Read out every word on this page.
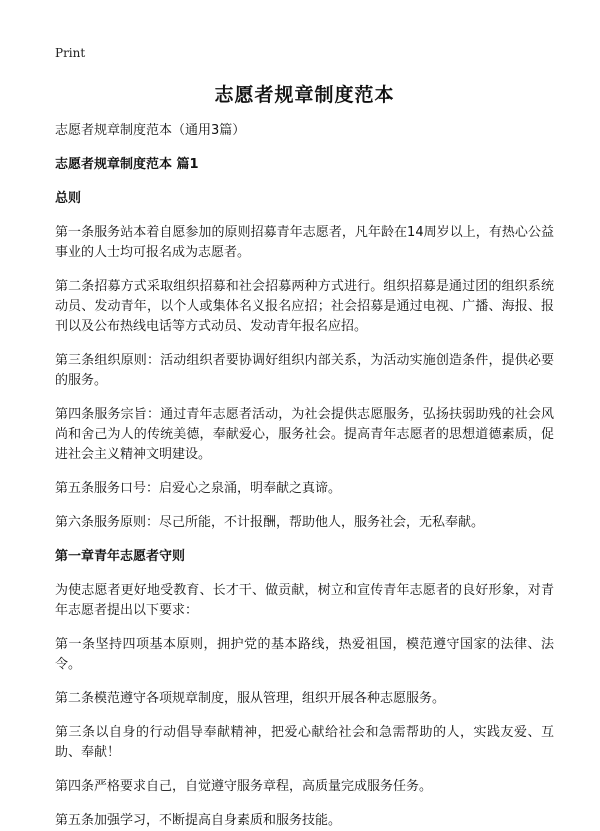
Print
志愿者规章制度范本
志愿者规章制度范本（通用3篇）
志愿者规章制度范本 篇1
总则
第一条服务站本着自愿参加的原则招募青年志愿者，凡年龄在14周岁以上，有热心公益事业的人士均可报名成为志愿者。
第二条招募方式采取组织招募和社会招募两种方式进行。组织招募是通过团的组织系统动员、发动青年，以个人或集体名义报名应招；社会招募是通过电视、广播、海报、报刊以及公布热线电话等方式动员、发动青年报名应招。
第三条组织原则：活动组织者要协调好组织内部关系，为活动实施创造条件，提供必要的服务。
第四条服务宗旨：通过青年志愿者活动，为社会提供志愿服务，弘扬扶弱助残的社会风尚和舍己为人的传统美德，奉献爱心，服务社会。提高青年志愿者的思想道德素质，促进社会主义精神文明建设。
第五条服务口号：启爱心之泉涌，明奉献之真谛。
第六条服务原则：尽己所能，不计报酬，帮助他人，服务社会，无私奉献。
第一章青年志愿者守则
为使志愿者更好地受教育、长才干、做贡献，树立和宣传青年志愿者的良好形象，对青年志愿者提出以下要求：
第一条坚持四项基本原则，拥护党的基本路线，热爱祖国，模范遵守国家的法律、法令。
第二条模范遵守各项规章制度，服从管理，组织开展各种志愿服务。
第三条以自身的行动倡导奉献精神，把爱心献给社会和急需帮助的人，实践友爱、互助、奉献！
第四条严格要求自己，自觉遵守服务章程，高质量完成服务任务。
第五条加强学习，不断提高自身素质和服务技能。
